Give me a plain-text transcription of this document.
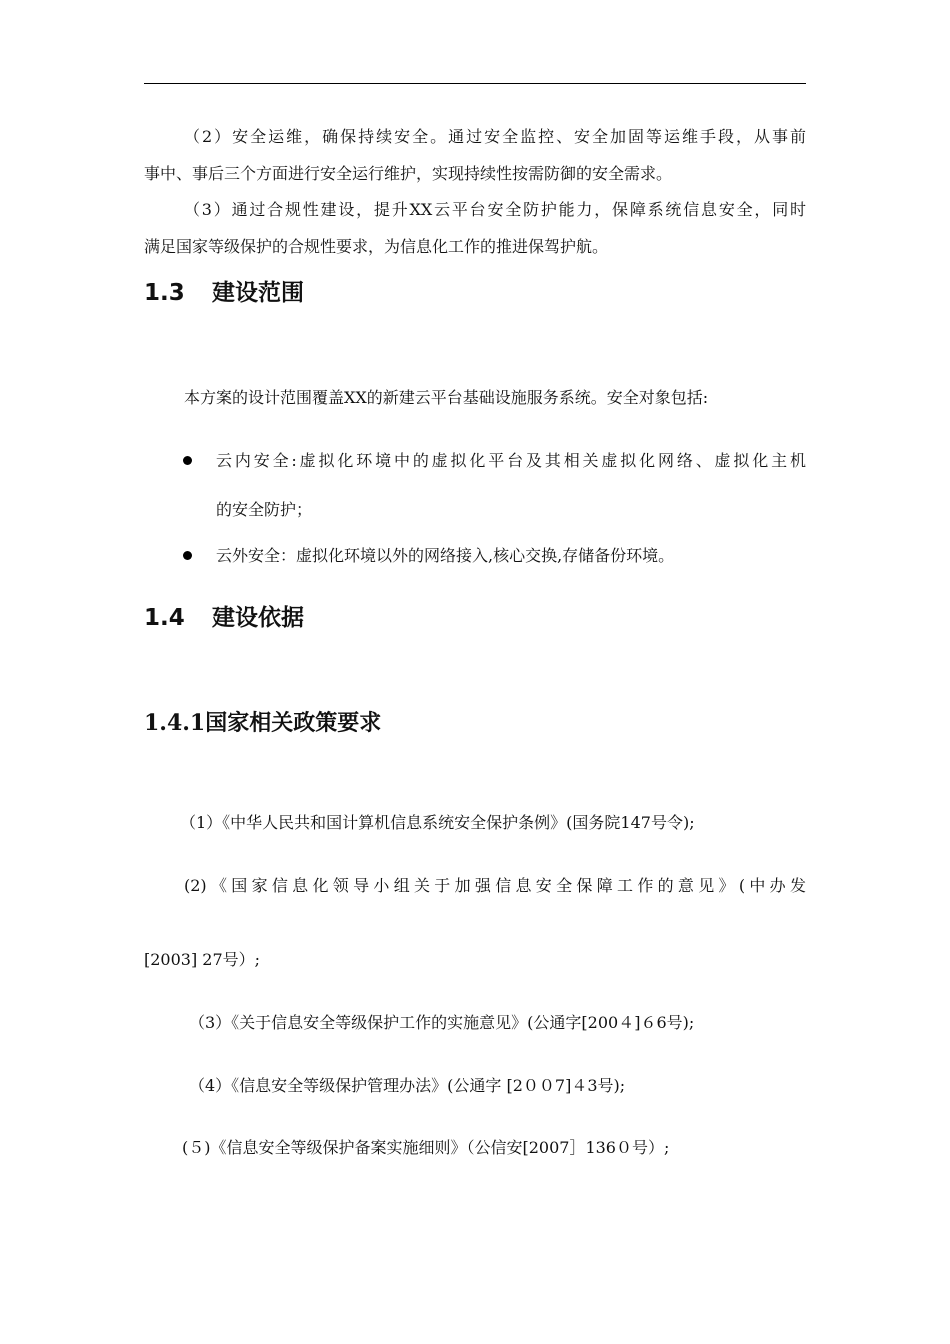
（2）安全运维，确保持续安全。通过安全监控、安全加固等运维手段，从事前
事中、事后三个方面进行安全运行维护，实现持续性按需防御的安全需求。
（3）通过合规性建设，提升XX云平台安全防护能力，保障系统信息安全，同时
满足国家等级保护的合规性要求，为信息化工作的推进保驾护航。
1.3 建设范围
本方案的设计范围覆盖XX的新建云平台基础设施服务系统。安全对象包括:
云内安全:虚拟化环境中的虚拟化平台及其相关虚拟化网络、虚拟化主机
的安全防护；
云外安全：虚拟化环境以外的网络接入,核心交换,存储备份环境。
1.4 建设依据
1.4.1国家相关政策要求
（1）《中华人民共和国计算机信息系统安全保护条例》(国务院147号令);
(2)《国家信息化领导小组关于加强信息安全保障工作的意见》(中办发
[2003] 27号）;
（3）《关于信息安全等级保护工作的实施意见》(公通字[200４]６6号);
（4）《信息安全等级保护管理办法》(公通字 [2００7]４3号);
(５)《信息安全等级保护备案实施细则》（公信安[2007］136０号）;
